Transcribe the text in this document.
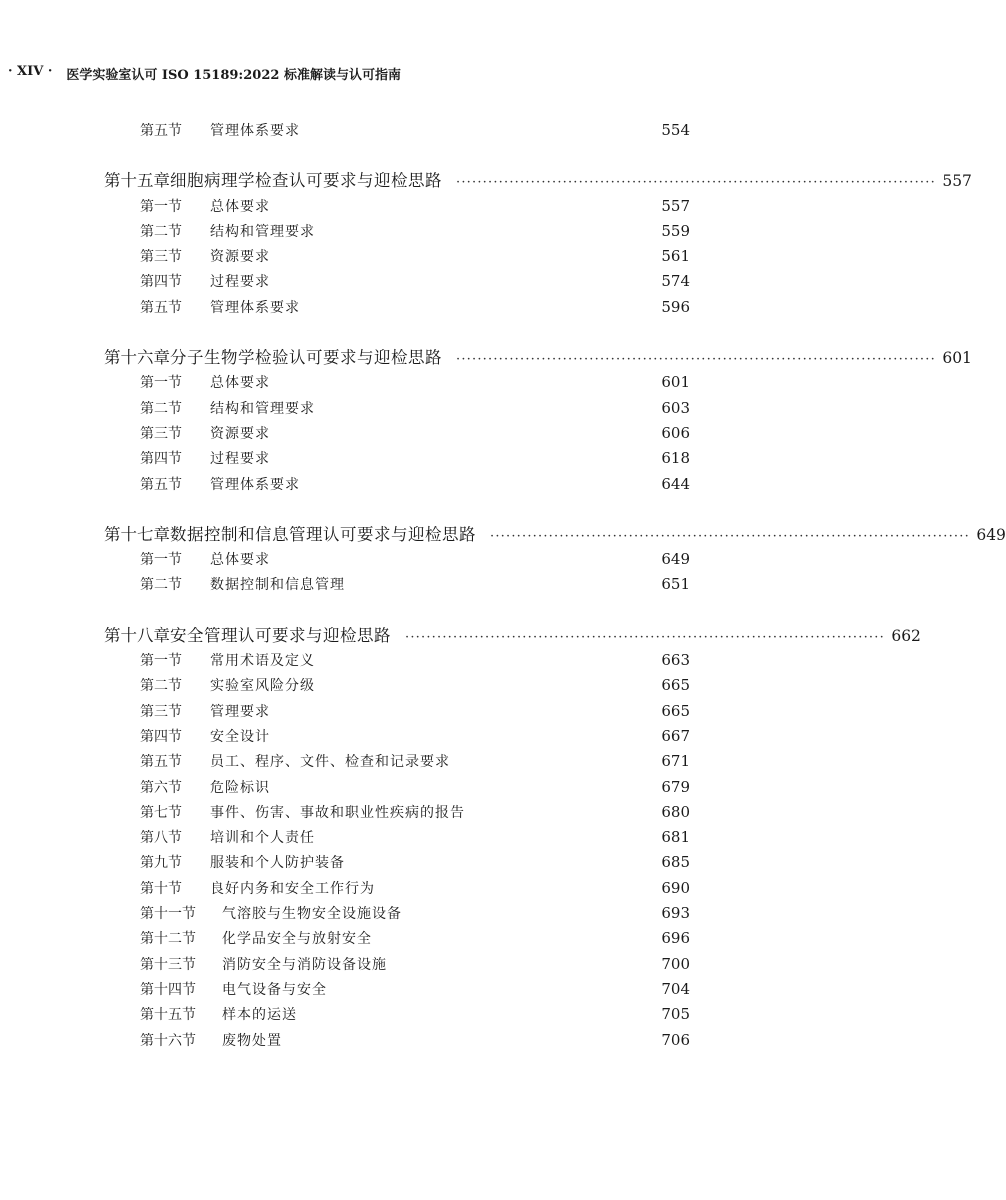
· XIV · 医学实验室认可 ISO 15189:2022 标准解读与认可指南
第五节	管理体系要求	554
第十五章 细胞病理学检查认可要求与迎检思路 ·························································································· 557
第一节	总体要求	557
第二节	结构和管理要求	559
第三节	资源要求	561
第四节	过程要求	574
第五节	管理体系要求	596
第十六章 分子生物学检验认可要求与迎检思路 ·························································································· 601
第一节	总体要求	601
第二节	结构和管理要求	603
第三节	资源要求	606
第四节	过程要求	618
第五节	管理体系要求	644
第十七章 数据控制和信息管理认可要求与迎检思路 ·························································································· 649
第一节	总体要求	649
第二节	数据控制和信息管理	651
第十八章 安全管理认可要求与迎检思路 ·························································································· 662
第一节	常用术语及定义	663
第二节	实验室风险分级	665
第三节	管理要求	665
第四节	安全设计	667
第五节	员工、程序、文件、检查和记录要求	671
第六节	危险标识	679
第七节	事件、伤害、事故和职业性疾病的报告	680
第八节	培训和个人责任	681
第九节	服装和个人防护装备	685
第十节	良好内务和安全工作行为	690
第十一节	气溶胶与生物安全设施设备	693
第十二节	化学品安全与放射安全	696
第十三节	消防安全与消防设备设施	700
第十四节	电气设备与安全	704
第十五节	样本的运送	705
第十六节	废物处置	706
